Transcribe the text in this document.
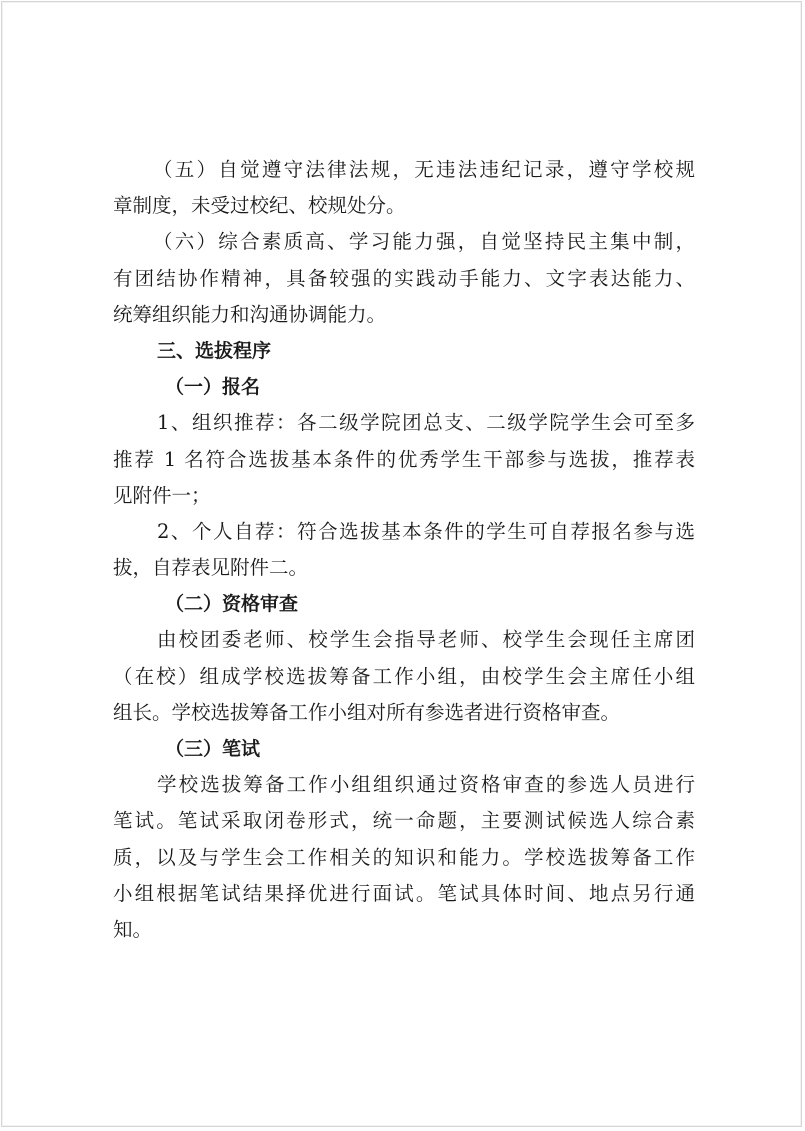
（五）自觉遵守法律法规，无违法违纪记录，遵守学校规
章制度，未受过校纪、校规处分。
（六）综合素质高、学习能力强，自觉坚持民主集中制，
有团结协作精神，具备较强的实践动手能力、文字表达能力、
统筹组织能力和沟通协调能力。
三、选拔程序
（一）报名
1、组织推荐：各二级学院团总支、二级学院学生会可至多
推荐 1 名符合选拔基本条件的优秀学生干部参与选拔，推荐表
见附件一；
2、个人自荐：符合选拔基本条件的学生可自荐报名参与选
拔，自荐表见附件二。
（二）资格审查
由校团委老师、校学生会指导老师、校学生会现任主席团
（在校）组成学校选拔筹备工作小组，由校学生会主席任小组
组长。学校选拔筹备工作小组对所有参选者进行资格审查。
（三）笔试
学校选拔筹备工作小组组织通过资格审查的参选人员进行
笔试。笔试采取闭卷形式，统一命题，主要测试候选人综合素
质，以及与学生会工作相关的知识和能力。学校选拔筹备工作
小组根据笔试结果择优进行面试。笔试具体时间、地点另行通
知。
